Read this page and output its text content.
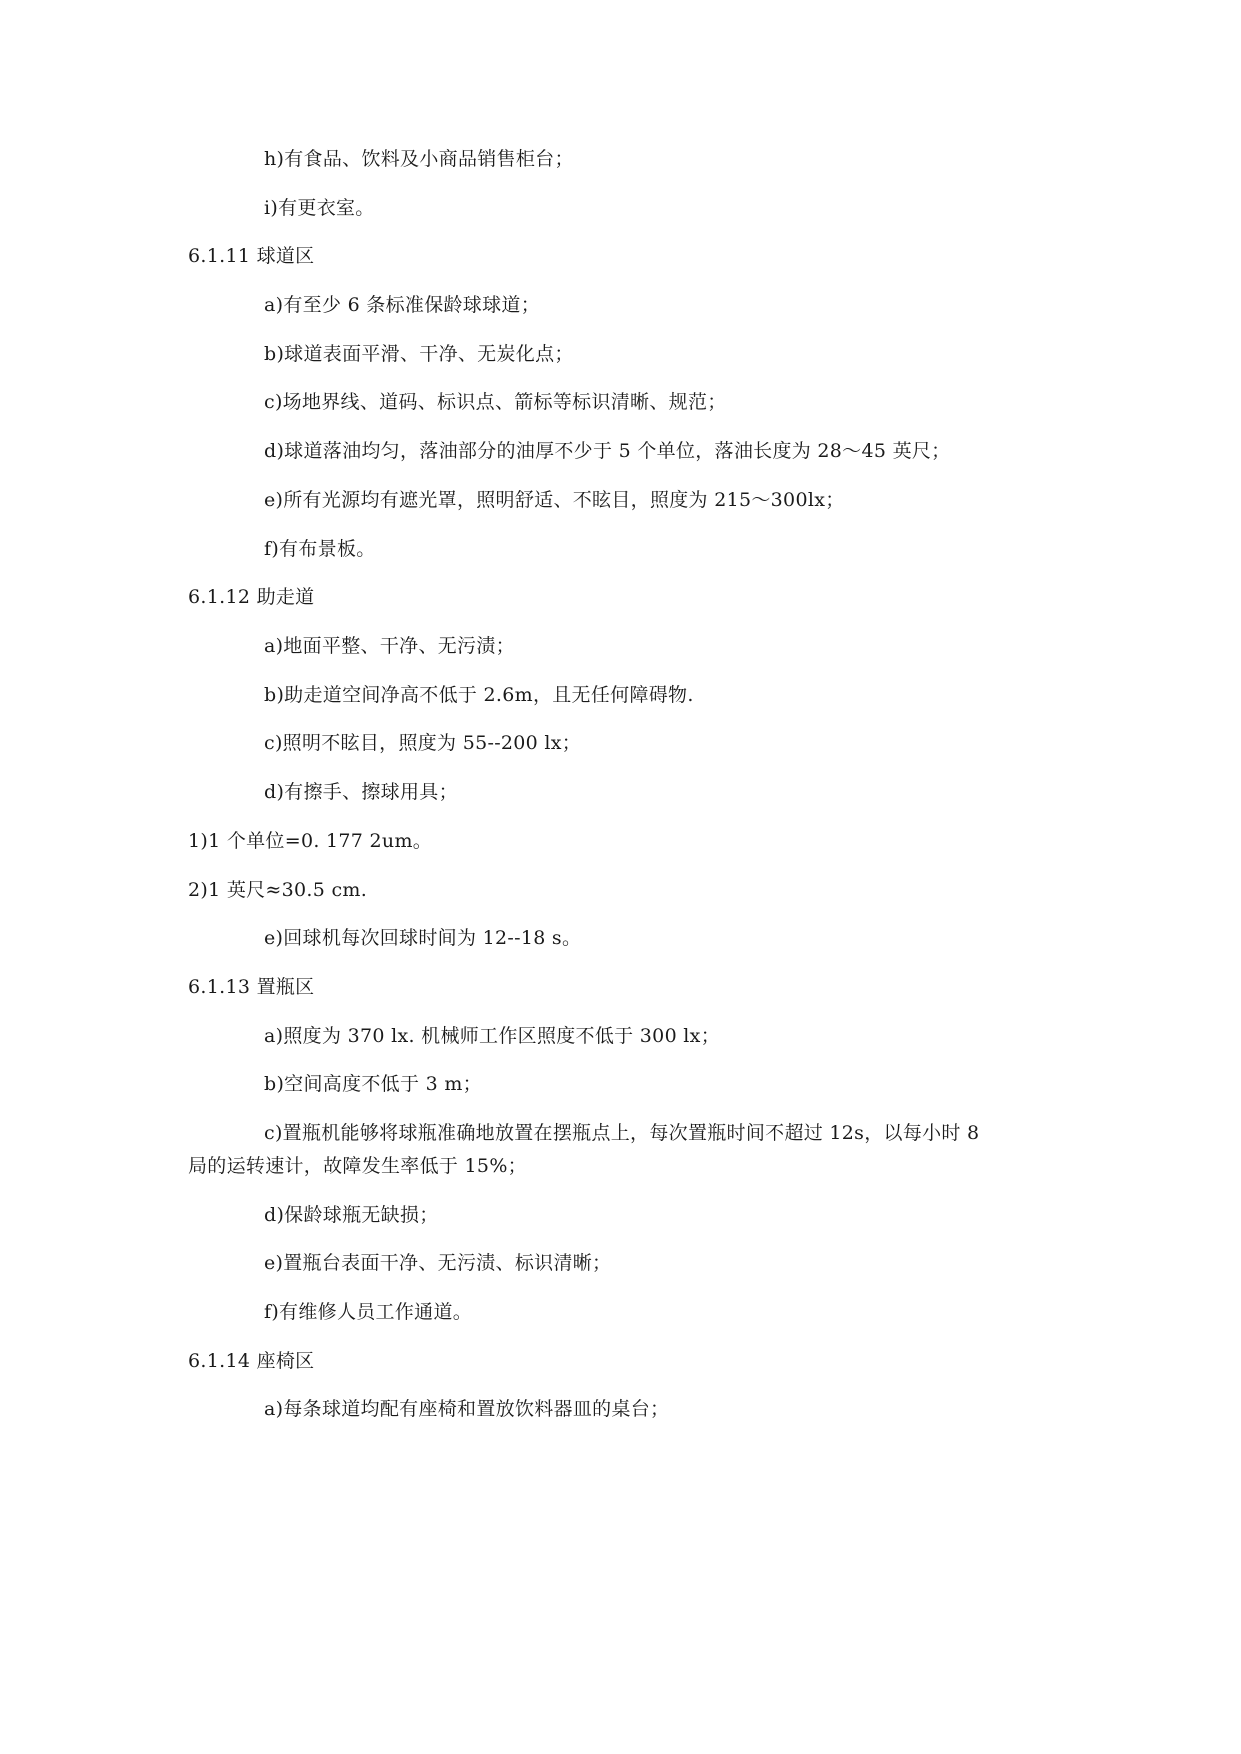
h)有食品、饮料及小商品销售柜台；
i)有更衣室。
6.1.11 球道区
a)有至少 6 条标准保龄球球道；
b)球道表面平滑、干净、无炭化点；
c)场地界线、道码、标识点、箭标等标识清晰、规范；
d)球道落油均匀，落油部分的油厚不少于 5 个单位，落油长度为 28～45 英尺；
e)所有光源均有遮光罩，照明舒适、不眩目，照度为 215～300lx；
f)有布景板。
6.1.12 助走道
a)地面平整、干净、无污渍；
b)助走道空间净高不低于 2.6m，且无任何障碍物.
c)照明不眩目，照度为 55--200 lx；
d)有擦手、擦球用具；
1)1 个单位=0. 177 2um。
2)1 英尺≈30.5 cm.
e)回球机每次回球时间为 12--18 s。
6.1.13 置瓶区
a)照度为 370 lx. 机械师工作区照度不低于 300 lx；
b)空间高度不低于 3 m；
c)置瓶机能够将球瓶准确地放置在摆瓶点上，每次置瓶时间不超过 12s，以每小时 8
局的运转速计，故障发生率低于 15%；
d)保龄球瓶无缺损；
e)置瓶台表面干净、无污渍、标识清晰；
f)有维修人员工作通道。
6.1.14 座椅区
a)每条球道均配有座椅和置放饮料器皿的桌台；
